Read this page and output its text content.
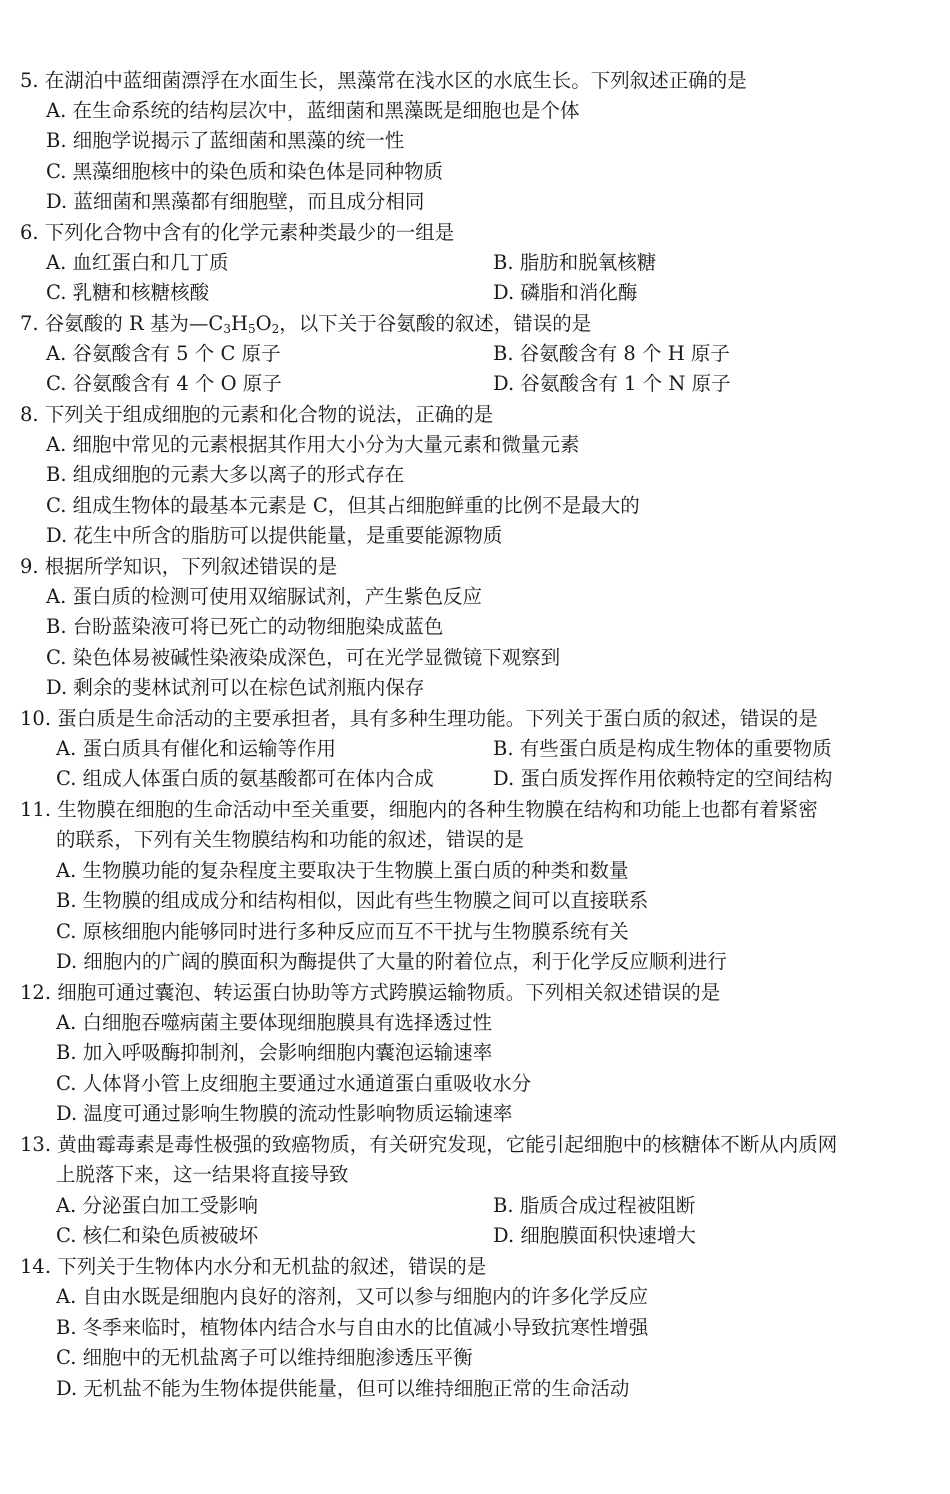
5. 在湖泊中蓝细菌漂浮在水面生长，黑藻常在浅水区的水底生长。下列叙述正确的是
A. 在生命系统的结构层次中，蓝细菌和黑藻既是细胞也是个体
B. 细胞学说揭示了蓝细菌和黑藻的统一性
C. 黑藻细胞核中的染色质和染色体是同种物质
D. 蓝细菌和黑藻都有细胞壁，而且成分相同
6. 下列化合物中含有的化学元素种类最少的一组是
A. 血红蛋白和几丁质	B. 脂肪和脱氧核糖
C. 乳糖和核糖核酸	D. 磷脂和消化酶
7. 谷氨酸的 R 基为$—C_3H_5O_2$，以下关于谷氨酸的叙述，错误的是
A. 谷氨酸含有 5 个 C 原子	B. 谷氨酸含有 8 个 H 原子
C. 谷氨酸含有 4 个 O 原子	D. 谷氨酸含有 1 个 N 原子
8. 下列关于组成细胞的元素和化合物的说法，正确的是
A. 细胞中常见的元素根据其作用大小分为大量元素和微量元素
B. 组成细胞的元素大多以离子的形式存在
C. 组成生物体的最基本元素是 C，但其占细胞鲜重的比例不是最大的
D. 花生中所含的脂肪可以提供能量，是重要能源物质
9. 根据所学知识，下列叙述错误的是
A. 蛋白质的检测可使用双缩脲试剂，产生紫色反应
B. 台盼蓝染液可将已死亡的动物细胞染成蓝色
C. 染色体易被碱性染液染成深色，可在光学显微镜下观察到
D. 剩余的斐林试剂可以在棕色试剂瓶内保存
10. 蛋白质是生命活动的主要承担者，具有多种生理功能。下列关于蛋白质的叙述，错误的是
A. 蛋白质具有催化和运输等作用	B. 有些蛋白质是构成生物体的重要物质
C. 组成人体蛋白质的氨基酸都可在体内合成	D. 蛋白质发挥作用依赖特定的空间结构
11. 生物膜在细胞的生命活动中至关重要，细胞内的各种生物膜在结构和功能上也都有着紧密
的联系，下列有关生物膜结构和功能的叙述，错误的是
A. 生物膜功能的复杂程度主要取决于生物膜上蛋白质的种类和数量
B. 生物膜的组成成分和结构相似，因此有些生物膜之间可以直接联系
C. 原核细胞内能够同时进行多种反应而互不干扰与生物膜系统有关
D. 细胞内的广阔的膜面积为酶提供了大量的附着位点，利于化学反应顺利进行
12. 细胞可通过囊泡、转运蛋白协助等方式跨膜运输物质。下列相关叙述错误的是
A. 白细胞吞噬病菌主要体现细胞膜具有选择透过性
B. 加入呼吸酶抑制剂，会影响细胞内囊泡运输速率
C. 人体肾小管上皮细胞主要通过水通道蛋白重吸收水分
D. 温度可通过影响生物膜的流动性影响物质运输速率
13. 黄曲霉毒素是毒性极强的致癌物质，有关研究发现，它能引起细胞中的核糖体不断从内质网
上脱落下来，这一结果将直接导致
A. 分泌蛋白加工受影响	B. 脂质合成过程被阻断
C. 核仁和染色质被破坏	D. 细胞膜面积快速增大
14. 下列关于生物体内水分和无机盐的叙述，错误的是
A. 自由水既是细胞内良好的溶剂，又可以参与细胞内的许多化学反应
B. 冬季来临时，植物体内结合水与自由水的比值减小导致抗寒性增强
C. 细胞中的无机盐离子可以维持细胞渗透压平衡
D. 无机盐不能为生物体提供能量，但可以维持细胞正常的生命活动
